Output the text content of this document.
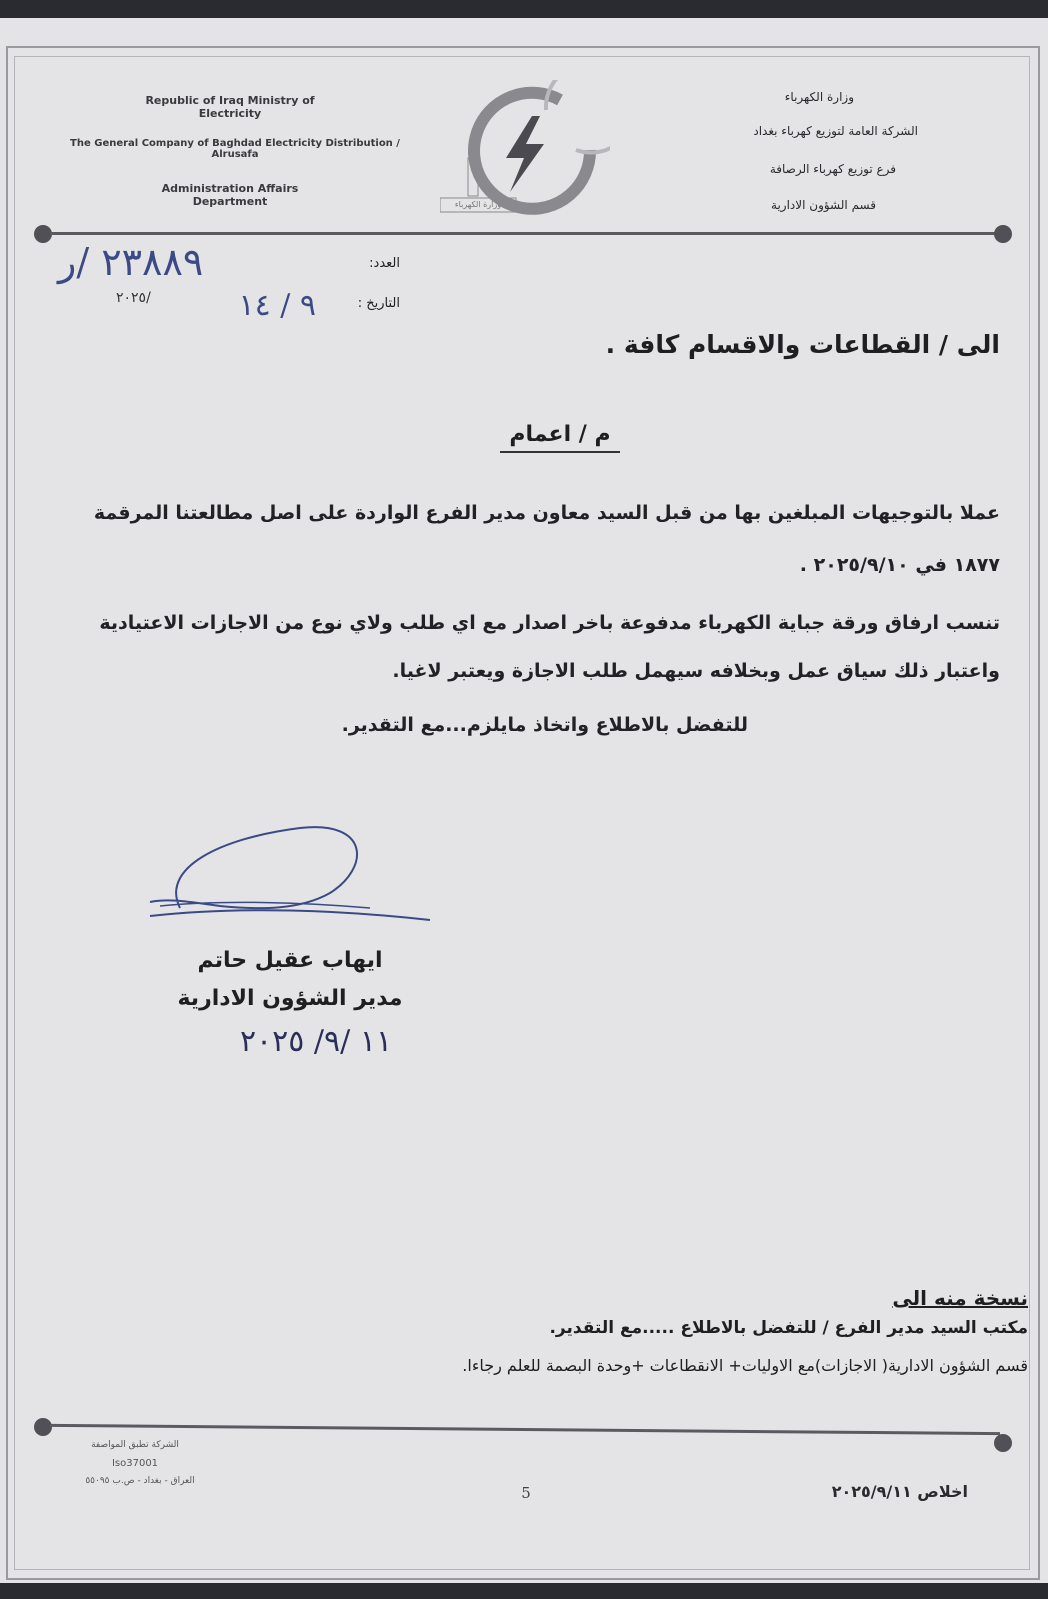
Republic of Iraq Ministry of Electricity
The General Company of Baghdad Electricity Distribution / Alrusafa
Administration Affairs Department	وزارة الكهرباء
وزارة الكهرباء
الشركة العامة لتوزيع كهرباء بغداد
فرع توزيع كهرباء الرصافة
قسم الشؤون الادارية
العدد:
٢٣٨٨٩ /ر
التاريخ :
٢٠٢٥/	٩ / ١٤
الى / القطاعات والاقسام كافة .
م / اعمام
عملا بالتوجيهات المبلغين بها من قبل السيد معاون مدير الفرع الواردة على اصل مطالعتنا المرقمة
١٨٧٧ في ٢٠٢٥/٩/١٠ .
تنسب ارفاق ورقة جباية الكهرباء مدفوعة باخر اصدار مع اي طلب ولاي نوع من الاجازات الاعتيادية
واعتبار ذلك سياق عمل وبخلافه سيهمل طلب الاجازة ويعتبر لاغيا.
للتفضل بالاطلاع واتخاذ مايلزم...مع التقدير.
ايهاب عقيل حاتم
مدير الشؤون الادارية
١١ /٩/ ٢٠٢٥
نسخة منه الى
مكتب السيد مدير الفرع / للتفضل بالاطلاع .....مع التقدير.
قسم الشؤون الادارية( الاجازات)مع الاوليات+ الانقطاعات +وحدة البصمة للعلم رجاءا.
الشركة تطبق المواصفة
Iso37001
العراق - بغداد - ص.ب ٥٥٠٩٥
5	اخلاص ٢٠٢٥/٩/١١
